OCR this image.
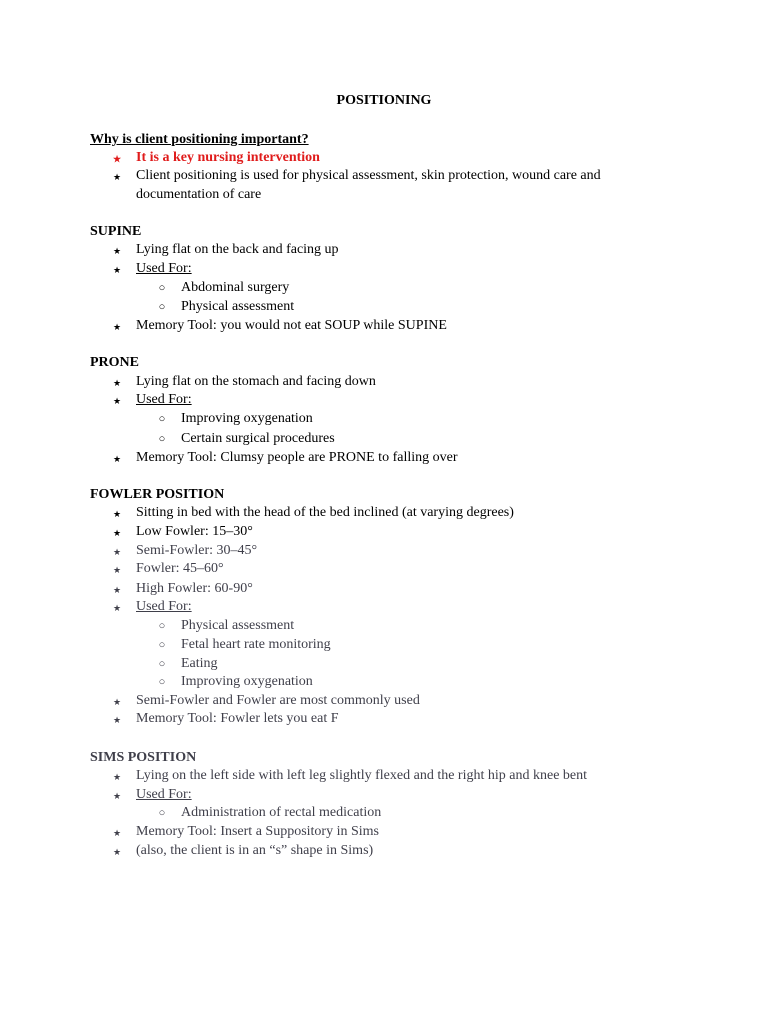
POSITIONING
Why is client positioning important?
★ It is a key nursing intervention
★ Client positioning is used for physical assessment, skin protection, wound care and
documentation of care
SUPINE
★ Lying flat on the back and facing up
★ Used For:
○ Abdominal surgery
○ Physical assessment
★ Memory Tool: you would not eat SOUP while SUPINE
PRONE
★ Lying flat on the stomach and facing down
★ Used For:
○ Improving oxygenation
○ Certain surgical procedures
★ Memory Tool: Clumsy people are PRONE to falling over
FOWLER POSITION
★ Sitting in bed with the head of the bed inclined (at varying degrees)
★ Low Fowler: 15–30°
★ Semi-Fowler: 30–45°
★ Fowler: 45–60°
★ High Fowler: 60-90°
★ Used For:
○ Physical assessment
○ Fetal heart rate monitoring
○ Eating
○ Improving oxygenation
★ Semi-Fowler and Fowler are most commonly used
★ Memory Tool: Fowler lets you eat F
SIMS POSITION
★ Lying on the left side with left leg slightly flexed and the right hip and knee bent
★ Used For:
○ Administration of rectal medication
★ Memory Tool: Insert a Suppository in Sims
★ (also, the client is in an “s” shape in Sims)
